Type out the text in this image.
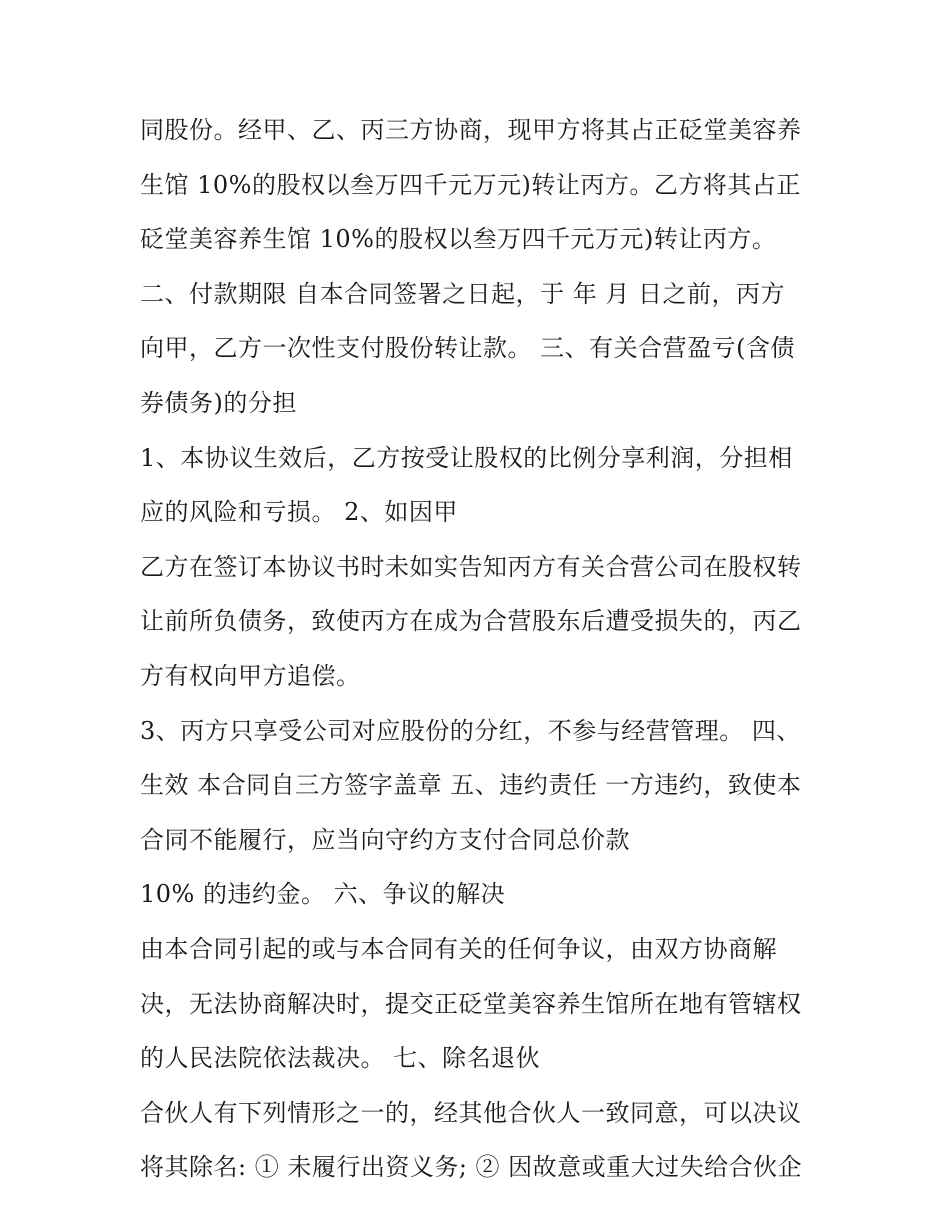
同股份。经甲、乙、丙三方协商，现甲方将其占正砭堂美容养
生馆 10%的股权以叁万四千元万元)转让丙方。乙方将其占正
砭堂美容养生馆 10%的股权以叁万四千元万元)转让丙方。
二、付款期限 自本合同签署之日起，于 年 月 日之前，丙方
向甲，乙方一次性支付股份转让款。 三、有关合营盈亏(含债
券债务)的分担
1、本协议生效后，乙方按受让股权的比例分享利润，分担相
应的风险和亏损。 2、如因甲
乙方在签订本协议书时未如实告知丙方有关合营公司在股权转
让前所负债务，致使丙方在成为合营股东后遭受损失的，丙乙
方有权向甲方追偿。
3、丙方只享受公司对应股份的分红，不参与经营管理。 四、
生效 本合同自三方签字盖章 五、违约责任 一方违约，致使本
合同不能履行，应当向守约方支付合同总价款
10% 的违约金。 六、争议的解决
由本合同引起的或与本合同有关的任何争议，由双方协商解
决，无法协商解决时，提交正砭堂美容养生馆所在地有管辖权
的人民法院依法裁决。 七、除名退伙
合伙人有下列情形之一的，经其他合伙人一致同意，可以决议
将其除名: ① 未履行出资义务; ② 因故意或重大过失给合伙企
